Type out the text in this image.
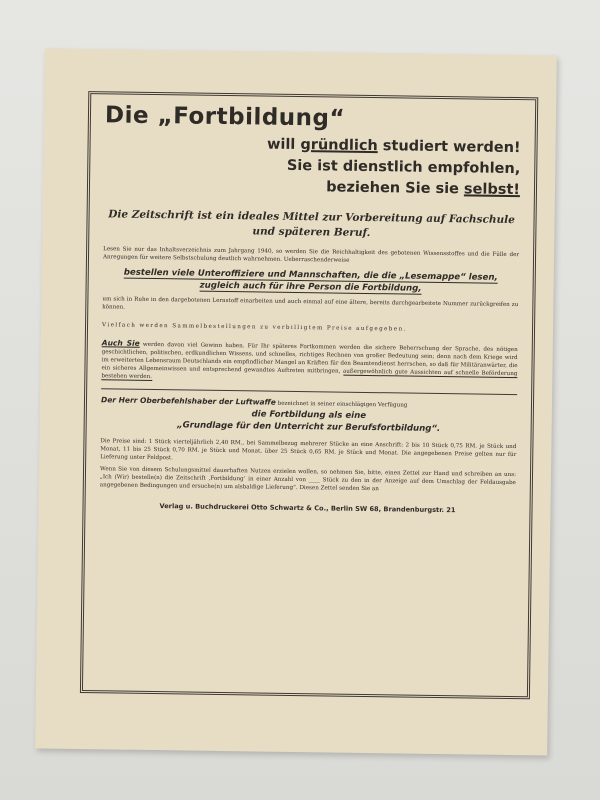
Die „Fortbildung“
will gründlich studiert werden!
Sie ist dienstlich empfohlen,
beziehen Sie sie selbst!

Die Zeitschrift ist ein ideales Mittel zur Vorbereitung auf Fachschule und späteren Beruf.

Lesen Sie nur das Inhaltsverzeichnis zum Jahrgang 1940, so werden Sie die Reichhaltigkeit des gebotenen Wissensstoffes und die Fülle der Anregungen für weitere Selbstschulung deutlich wahrnehmen. Ueberraschenderweise

bestellen viele Unteroffiziere und Mannschaften, die die „Lesemappe“ lesen, zugleich auch für ihre Person die Fortbildung,

um sich in Ruhe in den dargebotenen Lernstoff einarbeiten und auch einmal auf eine ältere, bereits durchgearbeitete Nummer zurückgreifen zu können.

Vielfach werden Sammelbestellungen zu verbilligtem Preise aufgegeben.

Auch Sie werden davon viel Gewinn haben. Für Ihr späteres Fortkommen werden die sichere Beherrschung der Sprache, des nötigen geschichtlichen, politischen, erdkundlichen Wissens, und schnelles, richtiges Rechnen von großer Bedeutung sein; denn nach dem Kriege wird im erweiterten Lebensraum Deutschlands ein empfindlicher Mangel an Kräften für den Beamtendienst herrschen, so daß für Militäranwärter, die ein sicheres Allgemeinwissen und entsprechend gewandtes Auftreten mitbringen, außergewöhnlich gute Aussichten auf schnelle Beförderung bestehen werden.

Der Herr Oberbefehlshaber der Luftwaffe bezeichnet in seiner einschlägigen Verfügung

die Fortbildung als eine

„Grundlage für den Unterricht zur Berufsfortbildung“.

Die Preise sind: 1 Stück vierteljährlich 2,40 RM., bei Sammelbezug mehrerer Stücke an eine Anschrift: 2 bis 10 Stück 0,75 RM. je Stück und Monat, 11 bis 25 Stück 0,70 RM. je Stück und Monat, über 25 Stück 0,65 RM. je Stück und Monat. Die angegebenen Preise gelten nur für Lieferung unter Feldpost.

Wenn Sie von diesem Schulungsmittel dauerhaften Nutzen erzielen wollen, so nehmen Sie, bitte, einen Zettel zur Hand und schreiben an uns: „Ich (Wir) bestelle(n) die Zeitschrift ‚Fortbildung‘ in einer Anzahl von ____ Stück zu den in der Anzeige auf dem Umschlag der Feldausgabe angegebenen Bedingungen und ersuche(n) um alsbaldige Lieferung“. Diesen Zettel senden Sie an

Verlag u. Buchdruckerei Otto Schwartz & Co., Berlin SW 68, Brandenburgstr. 21
